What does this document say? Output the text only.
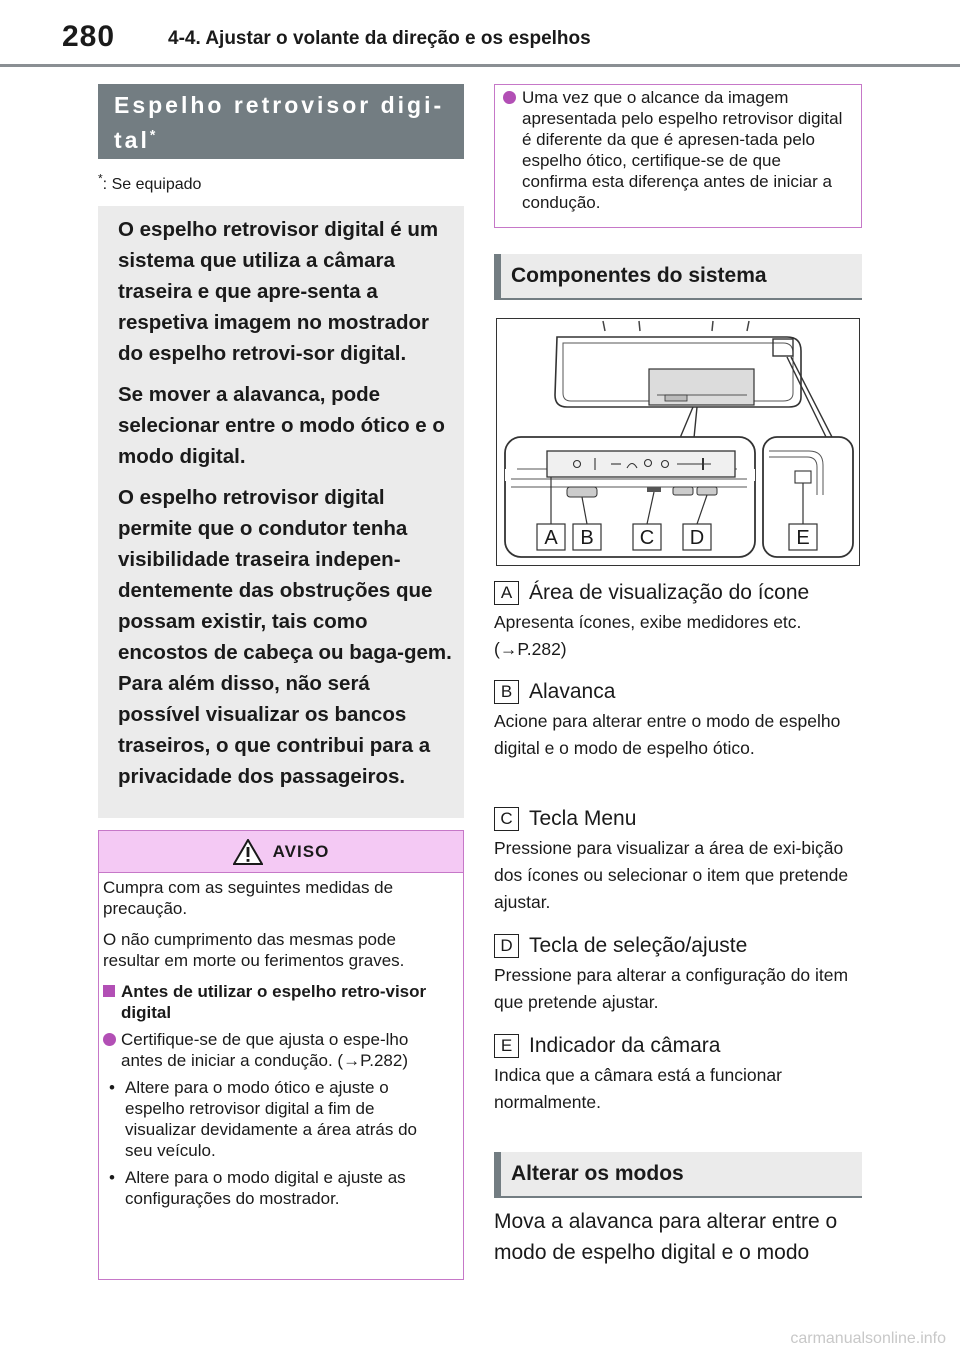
280	4-4. Ajustar o volante da direção e os espelhos
Espelho retrovisor digi-
tal*
*: Se equipado

O espelho retrovisor digital é um sistema que utiliza a câmara traseira e que apre-senta a respetiva imagem no mostrador do espelho retrovi-sor digital.

Se mover a alavanca, pode selecionar entre o modo ótico e o modo digital.

O espelho retrovisor digital permite que o condutor tenha visibilidade traseira indepen-dentemente das obstruções que possam existir, tais como encostos de cabeça ou baga-gem. Para além disso, não será possível visualizar os bancos traseiros, o que contribui para a privacidade dos passageiros.

AVISO
Cumpra com as seguintes medidas de precaução.
O não cumprimento das mesmas pode resultar em morte ou ferimentos graves.
Antes de utilizar o espelho retro-visor digital
Certifique-se de que ajusta o espe-lho antes de iniciar a condução. (→P.282)
• Altere para o modo ótico e ajuste o espelho retrovisor digital a fim de visualizar devidamente a área atrás do seu veículo.
• Altere para o modo digital e ajuste as configurações do mostrador.

Uma vez que o alcance da imagem apresentada pelo espelho retrovisor digital é diferente da que é apresen-tada pelo espelho ótico, certifique-se de que confirma esta diferença antes de iniciar a condução.

Componentes do sistema
A B C D	E
A Área de visualização do ícone
Apresenta ícones, exibe medidores etc. (→P.282)
B Alavanca
Acione para alterar entre o modo de espelho digital e o modo de espelho ótico.
C Tecla Menu
Pressione para visualizar a área de exi-bição dos ícones ou selecionar o item que pretende ajustar.
D Tecla de seleção/ajuste
Pressione para alterar a configuração do item que pretende ajustar.
E Indicador da câmara
Indica que a câmara está a funcionar normalmente.
Alterar os modos
Mova a alavanca para alterar entre o modo de espelho digital e o modo
carmanualsonline.info
